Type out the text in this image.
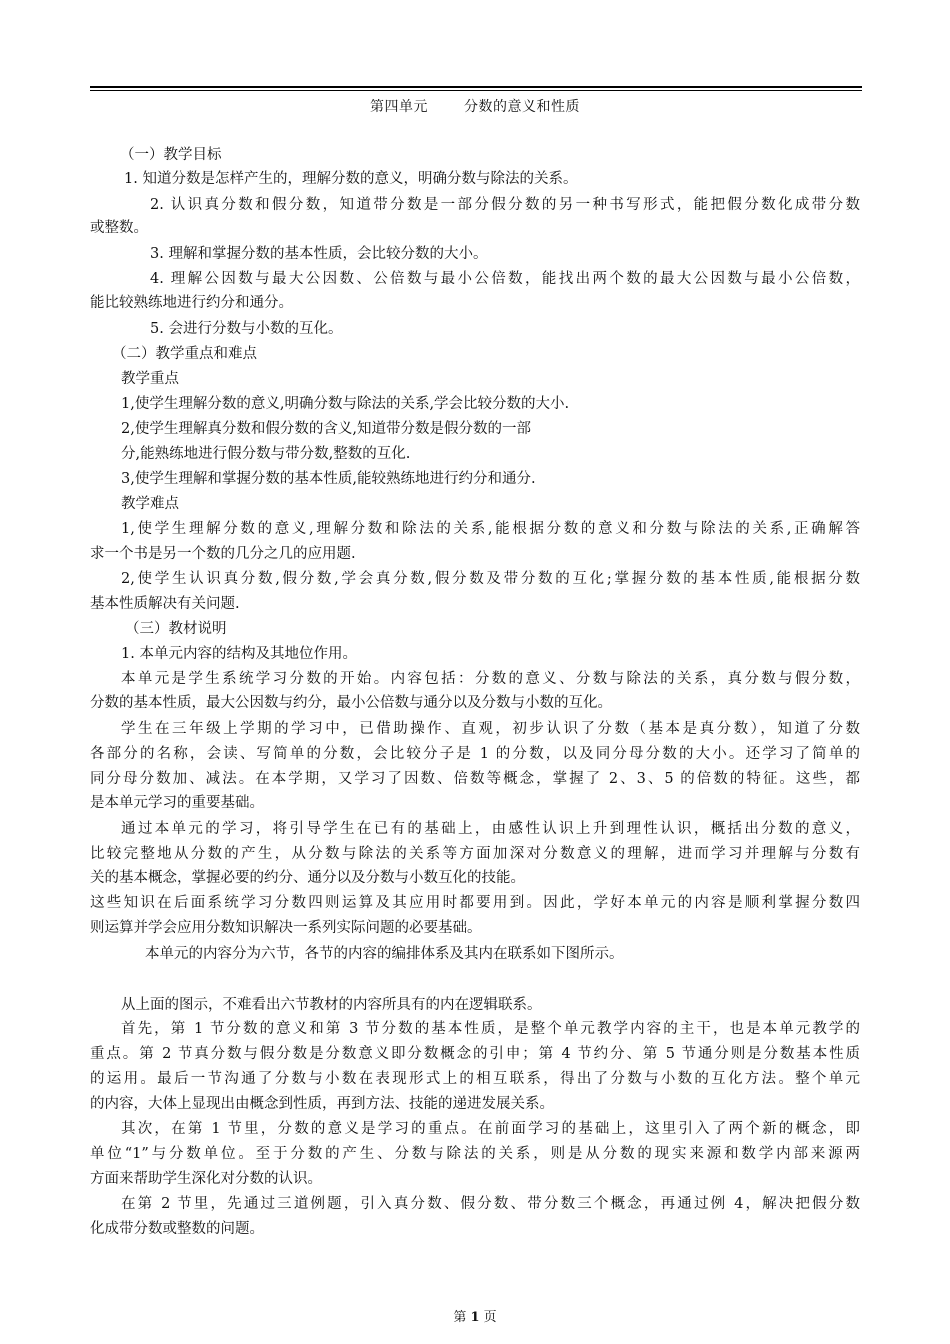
第四单元	分数的意义和性质
（一）教学目标
1. 知道分数是怎样产生的，理解分数的意义，明确分数与除法的关系。
2. 认识真分数和假分数，知道带分数是一部分假分数的另一种书写形式，能把假分数化成带分数
或整数。
3. 理解和掌握分数的基本性质，会比较分数的大小。
4. 理解公因数与最大公因数、公倍数与最小公倍数，能找出两个数的最大公因数与最小公倍数，
能比较熟练地进行约分和通分。
5. 会进行分数与小数的互化。
（二）教学重点和难点
教学重点
1,使学生理解分数的意义,明确分数与除法的关系,学会比较分数的大小.
2,使学生理解真分数和假分数的含义,知道带分数是假分数的一部
分,能熟练地进行假分数与带分数,整数的互化.
3,使学生理解和掌握分数的基本性质,能较熟练地进行约分和通分.
教学难点
1,使学生理解分数的意义,理解分数和除法的关系,能根据分数的意义和分数与除法的关系,正确解答
求一个书是另一个数的几分之几的应用题.
2,使学生认识真分数,假分数,学会真分数,假分数及带分数的互化;掌握分数的基本性质,能根据分数
基本性质解决有关问题.
（三）教材说明
1. 本单元内容的结构及其地位作用。
本单元是学生系统学习分数的开始。内容包括：分数的意义、分数与除法的关系，真分数与假分数，
分数的基本性质，最大公因数与约分，最小公倍数与通分以及分数与小数的互化。
学生在三年级上学期的学习中，已借助操作、直观，初步认识了分数（基本是真分数），知道了分数
各部分的名称，会读、写简单的分数，会比较分子是 1 的分数，以及同分母分数的大小。还学习了简单的
同分母分数加、减法。在本学期，又学习了因数、倍数等概念，掌握了 2、3、5 的倍数的特征。这些，都
是本单元学习的重要基础。
通过本单元的学习，将引导学生在已有的基础上，由感性认识上升到理性认识，概括出分数的意义，
比较完整地从分数的产生，从分数与除法的关系等方面加深对分数意义的理解，进而学习并理解与分数有
关的基本概念，掌握必要的约分、通分以及分数与小数互化的技能。
这些知识在后面系统学习分数四则运算及其应用时都要用到。因此，学好本单元的内容是顺利掌握分数四
则运算并学会应用分数知识解决一系列实际问题的必要基础。
本单元的内容分为六节，各节的内容的编排体系及其内在联系如下图所示。
从上面的图示，不难看出六节教材的内容所具有的内在逻辑联系。
首先，第 1 节分数的意义和第 3 节分数的基本性质，是整个单元教学内容的主干，也是本单元教学的
重点。第 2 节真分数与假分数是分数意义即分数概念的引申；第 4 节约分、第 5 节通分则是分数基本性质
的运用。最后一节沟通了分数与小数在表现形式上的相互联系，得出了分数与小数的互化方法。整个单元
的内容，大体上显现出由概念到性质，再到方法、技能的递进发展关系。
其次，在第 1 节里，分数的意义是学习的重点。在前面学习的基础上，这里引入了两个新的概念，即
单位“1”与分数单位。至于分数的产生、分数与除法的关系，则是从分数的现实来源和数学内部来源两
方面来帮助学生深化对分数的认识。
在第 2 节里，先通过三道例题，引入真分数、假分数、带分数三个概念，再通过例 4，解决把假分数
化成带分数或整数的问题。
第 1 页
